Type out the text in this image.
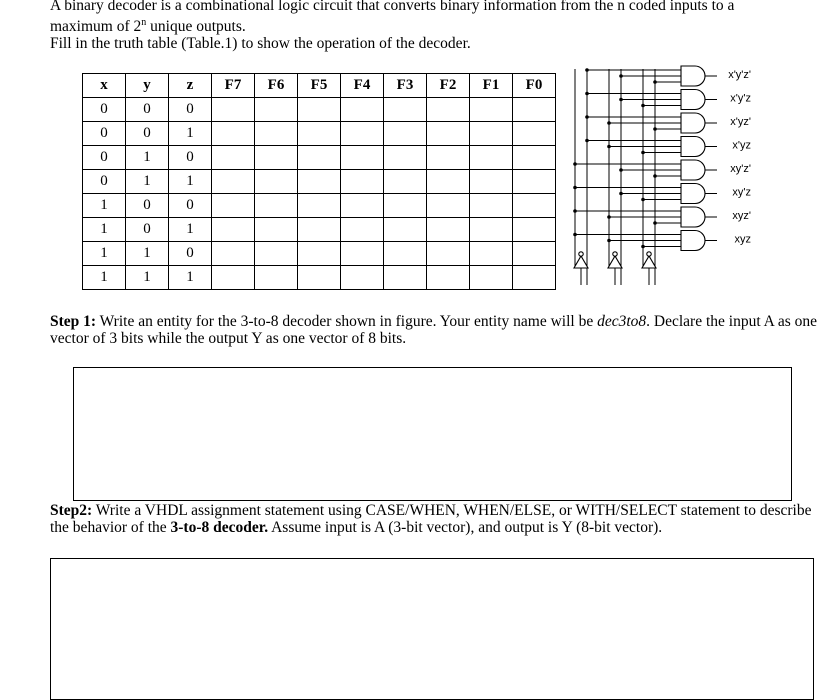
A binary decoder is a combinational logic circuit that converts binary information from the n coded inputs to a
maximum of 2$^n$ unique outputs.
Fill in the truth table (Table.1) to show the operation of the decoder.
x	y	z	F7	F6	F5	F4	F3	F2	F1	F0
0	0	0								
0	0	1								
0	1	0								
0	1	1								
1	0	0								
1	0	1								
1	1	0								
1	1	1								
x'y'z'
x'y'z
x'yz'
x'yz
xy'z'
xy'z
xyz'
xyz
Step 1: Write an entity for the 3-to-8 decoder shown in figure. Your entity name will be dec3to8. Declare the input A as one vector of 3 bits while the output Y as one vector of 8 bits.
Step2: Write a VHDL assignment statement using CASE/WHEN, WHEN/ELSE, or WITH/SELECT statement to describe the behavior of the 3-to-8 decoder. Assume input is A (3-bit vector), and output is Y (8-bit vector).
